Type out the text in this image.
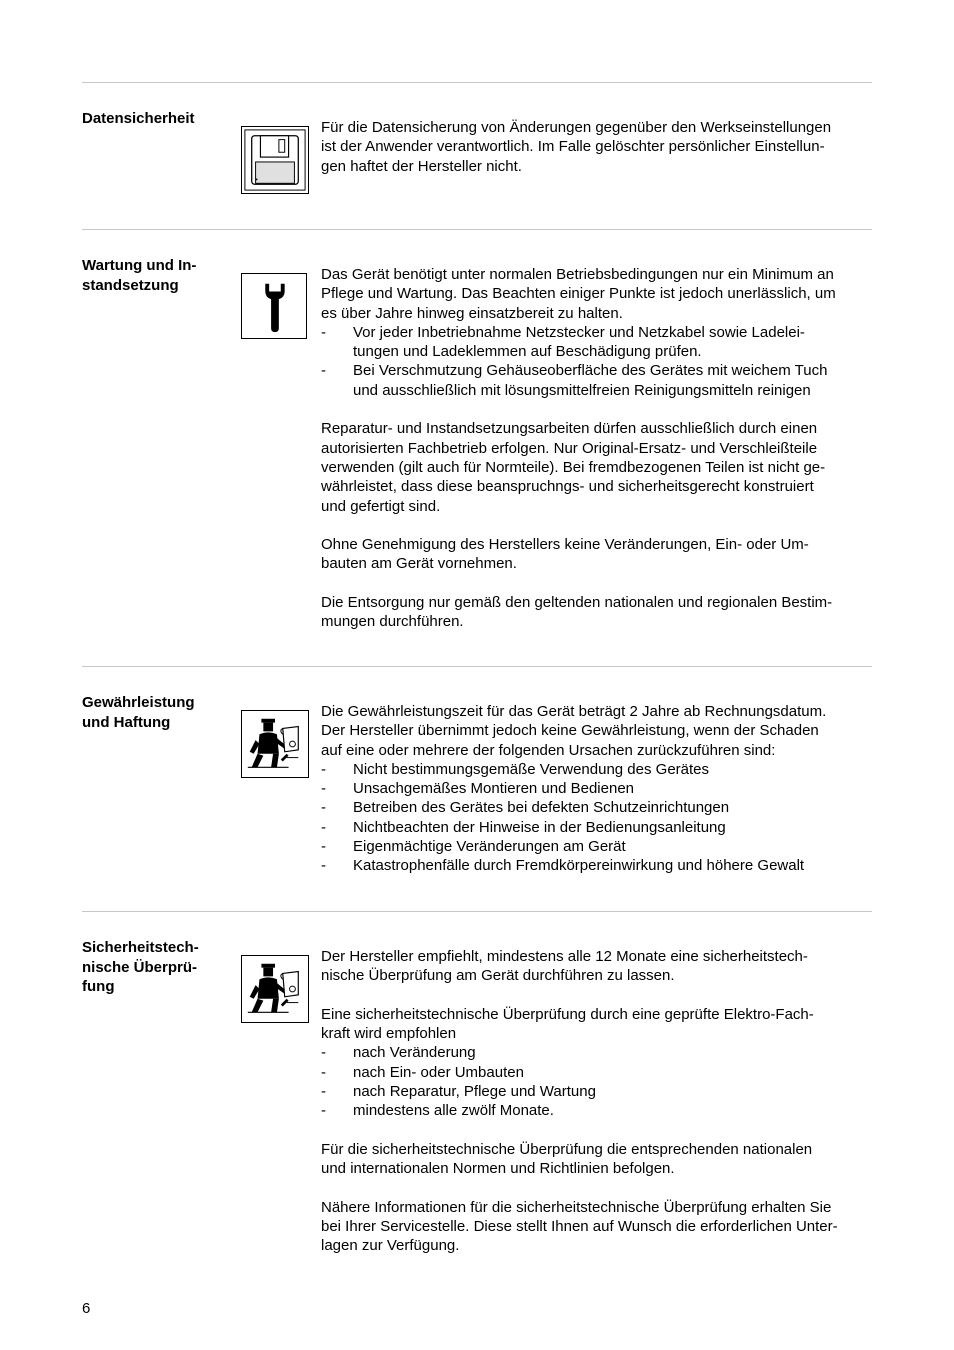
Datensicherheit

Für die Datensicherung von Änderungen gegenüber den Werkseinstellungen
ist der Anwender verantwortlich. Im Falle gelöschter persönlicher Einstellun-
gen haftet der Hersteller nicht.

Wartung und In-
standsetzung

Das Gerät benötigt unter normalen Betriebsbedingungen nur ein Minimum an
Pflege und Wartung. Das Beachten einiger Punkte ist jedoch unerlässlich, um
es über Jahre hinweg einsatzbereit zu halten.

- Vor jeder Inbetriebnahme Netzstecker und Netzkabel sowie Ladelei-
tungen und Ladeklemmen auf Beschädigung prüfen.
- Bei Verschmutzung Gehäuseoberfläche des Gerätes mit weichem Tuch
und ausschließlich mit lösungsmittelfreien Reinigungsmitteln reinigen

Reparatur- und Instandsetzungsarbeiten dürfen ausschließlich durch einen
autorisierten Fachbetrieb erfolgen. Nur Original-Ersatz- und Verschleißteile
verwenden (gilt auch für Normteile). Bei fremdbezogenen Teilen ist nicht ge-
währleistet, dass diese beanspruchngs- und sicherheitsgerecht konstruiert
und gefertigt sind.

Ohne Genehmigung des Herstellers keine Veränderungen, Ein- oder Um-
bauten am Gerät vornehmen.

Die Entsorgung nur gemäß den geltenden nationalen und regionalen Bestim-
mungen durchführen.

Gewährleistung
und Haftung

Die Gewährleistungszeit für das Gerät beträgt 2 Jahre ab Rechnungsdatum.
Der Hersteller übernimmt jedoch keine Gewährleistung, wenn der Schaden
auf eine oder mehrere der folgenden Ursachen zurückzuführen sind:

- Nicht bestimmungsgemäße Verwendung des Gerätes
- Unsachgemäßes Montieren und Bedienen
- Betreiben des Gerätes bei defekten Schutzeinrichtungen
- Nichtbeachten der Hinweise in der Bedienungsanleitung
- Eigenmächtige Veränderungen am Gerät
- Katastrophenfälle durch Fremdkörpereinwirkung und höhere Gewalt
Sicherheitstech-
nische Überprü-
fung

Der Hersteller empfiehlt, mindestens alle 12 Monate eine sicherheitstech-
nische Überprüfung am Gerät durchführen zu lassen.

Eine sicherheitstechnische Überprüfung durch eine geprüfte Elektro-Fach-
kraft wird empfohlen

- nach Veränderung
- nach Ein- oder Umbauten
- nach Reparatur, Pflege und Wartung
- mindestens alle zwölf Monate.

Für die sicherheitstechnische Überprüfung die entsprechenden nationalen
und internationalen Normen und Richtlinien befolgen.

Nähere Informationen für die sicherheitstechnische Überprüfung erhalten Sie
bei Ihrer Servicestelle. Diese stellt Ihnen auf Wunsch die erforderlichen Unter-
lagen zur Verfügung.

6
